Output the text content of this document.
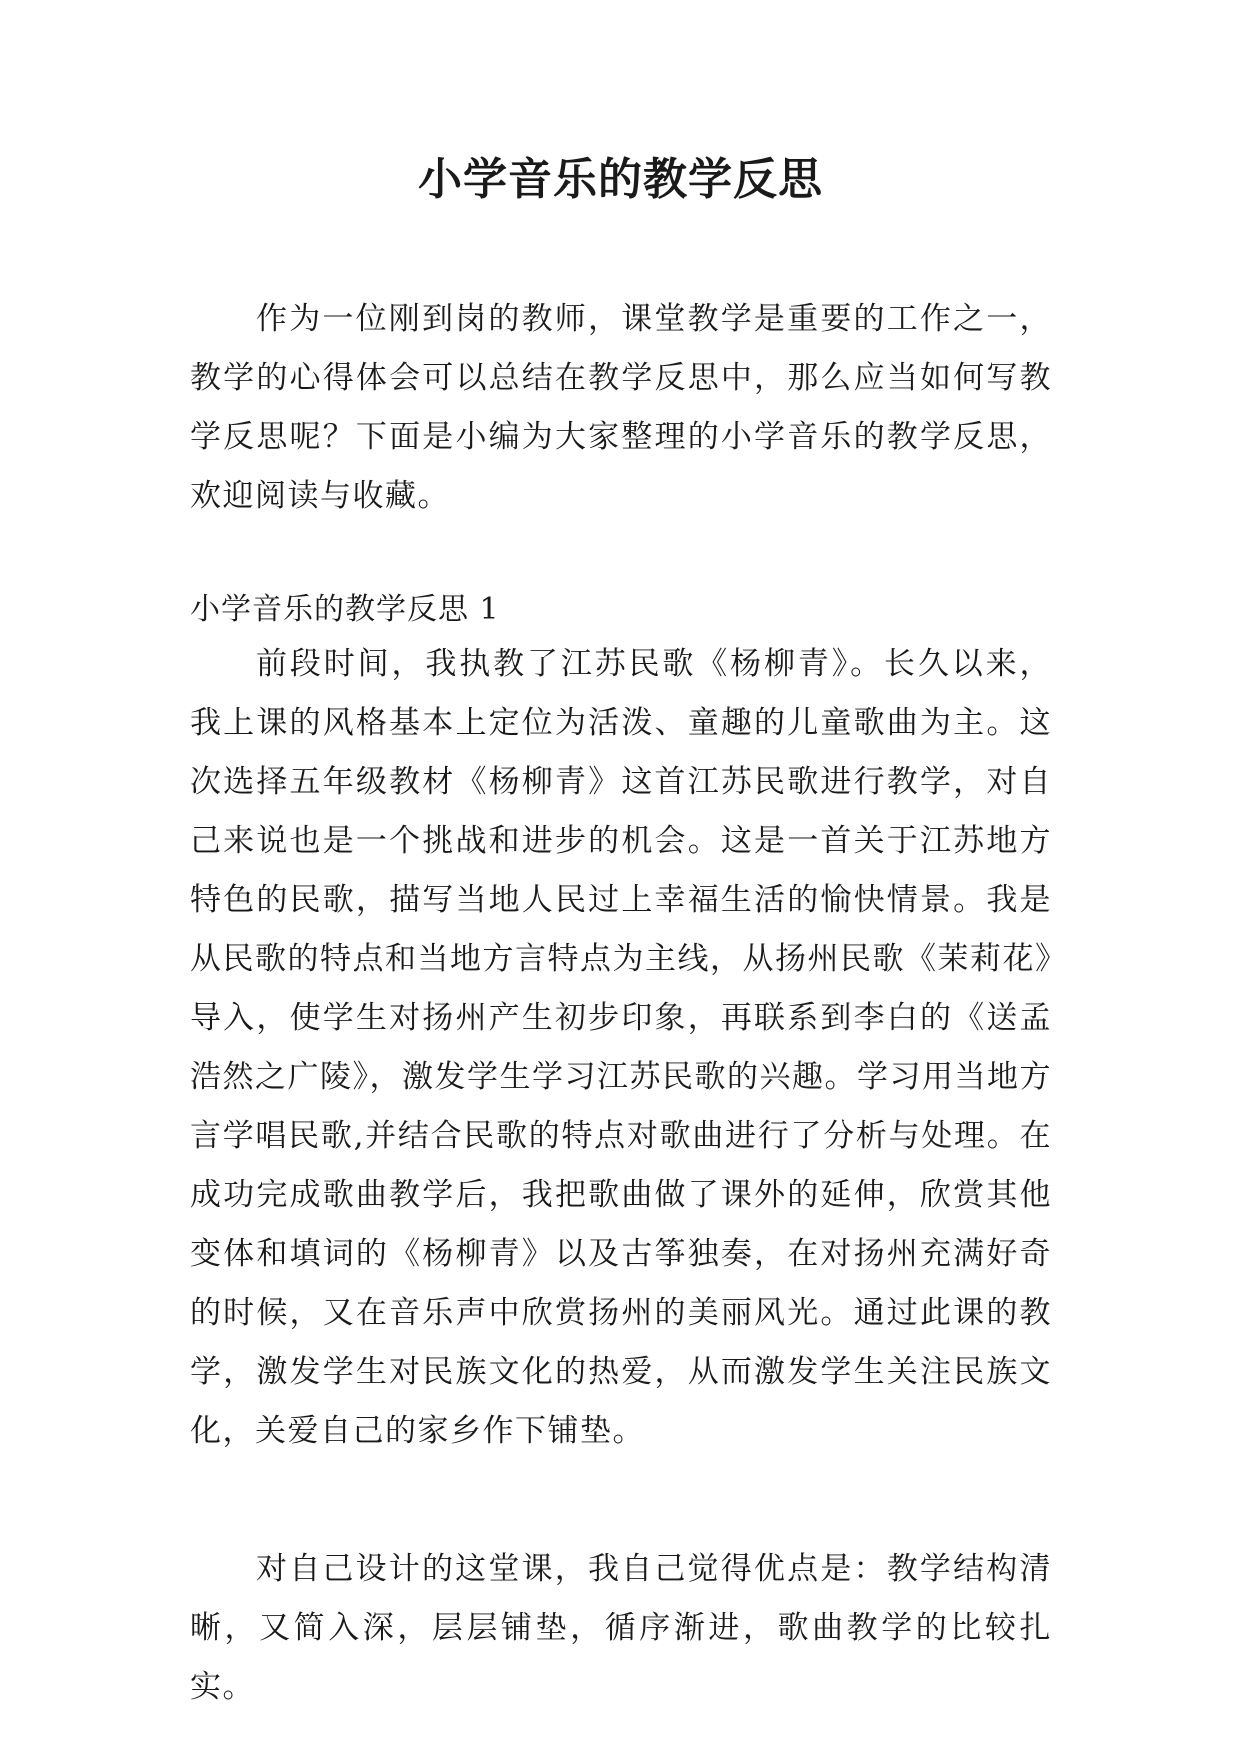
小学音乐的教学反思

作为一位刚到岗的教师，课堂教学是重要的工作之一，教学的心得体会可以总结在教学反思中，那么应当如何写教学反思呢？下面是小编为大家整理的小学音乐的教学反思，欢迎阅读与收藏。

小学音乐的教学反思 1

前段时间，我执教了江苏民歌《杨柳青》。长久以来，我上课的风格基本上定位为活泼、童趣的儿童歌曲为主。这次选择五年级教材《杨柳青》这首江苏民歌进行教学，对自己来说也是一个挑战和进步的机会。这是一首关于江苏地方特色的民歌，描写当地人民过上幸福生活的愉快情景。我是从民歌的特点和当地方言特点为主线，从扬州民歌《茉莉花》导入，使学生对扬州产生初步印象，再联系到李白的《送孟浩然之广陵》，激发学生学习江苏民歌的兴趣。学习用当地方言学唱民歌,并结合民歌的特点对歌曲进行了分析与处理。在成功完成歌曲教学后，我把歌曲做了课外的延伸，欣赏其他变体和填词的《杨柳青》以及古筝独奏，在对扬州充满好奇的时候，又在音乐声中欣赏扬州的美丽风光。通过此课的教学，激发学生对民族文化的热爱，从而激发学生关注民族文化，关爱自己的家乡作下铺垫。

对自己设计的这堂课，我自己觉得优点是：教学结构清晰，又简入深，层层铺垫，循序渐进，歌曲教学的比较扎实。
